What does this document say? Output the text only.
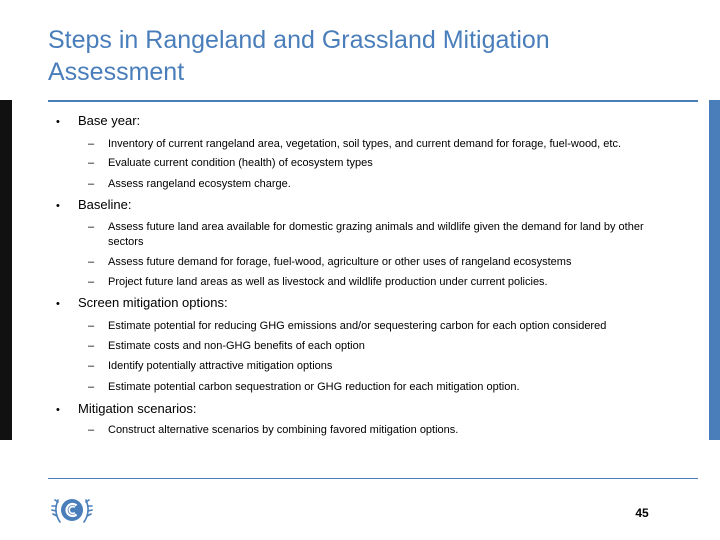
Steps in Rangeland and Grassland Mitigation Assessment
• Base year:
– Inventory of current rangeland area, vegetation, soil types, and current demand for forage, fuel-wood, etc.
– Evaluate current condition (health) of ecosystem types
– Assess rangeland ecosystem charge.
• Baseline:
– Assess future land area available for domestic grazing animals and wildlife given the demand for land by other sectors
– Assess future demand for forage, fuel-wood, agriculture or other uses of rangeland ecosystems
– Project future land areas as well as livestock and wildlife production under current policies.
• Screen mitigation options:
– Estimate potential for reducing GHG emissions and/or sequestering carbon for each option considered
– Estimate costs and non-GHG benefits of each option
– Identify potentially attractive mitigation options
– Estimate potential carbon sequestration or GHG reduction for each mitigation option.
• Mitigation scenarios:
– Construct alternative scenarios by combining favored mitigation options.
45
